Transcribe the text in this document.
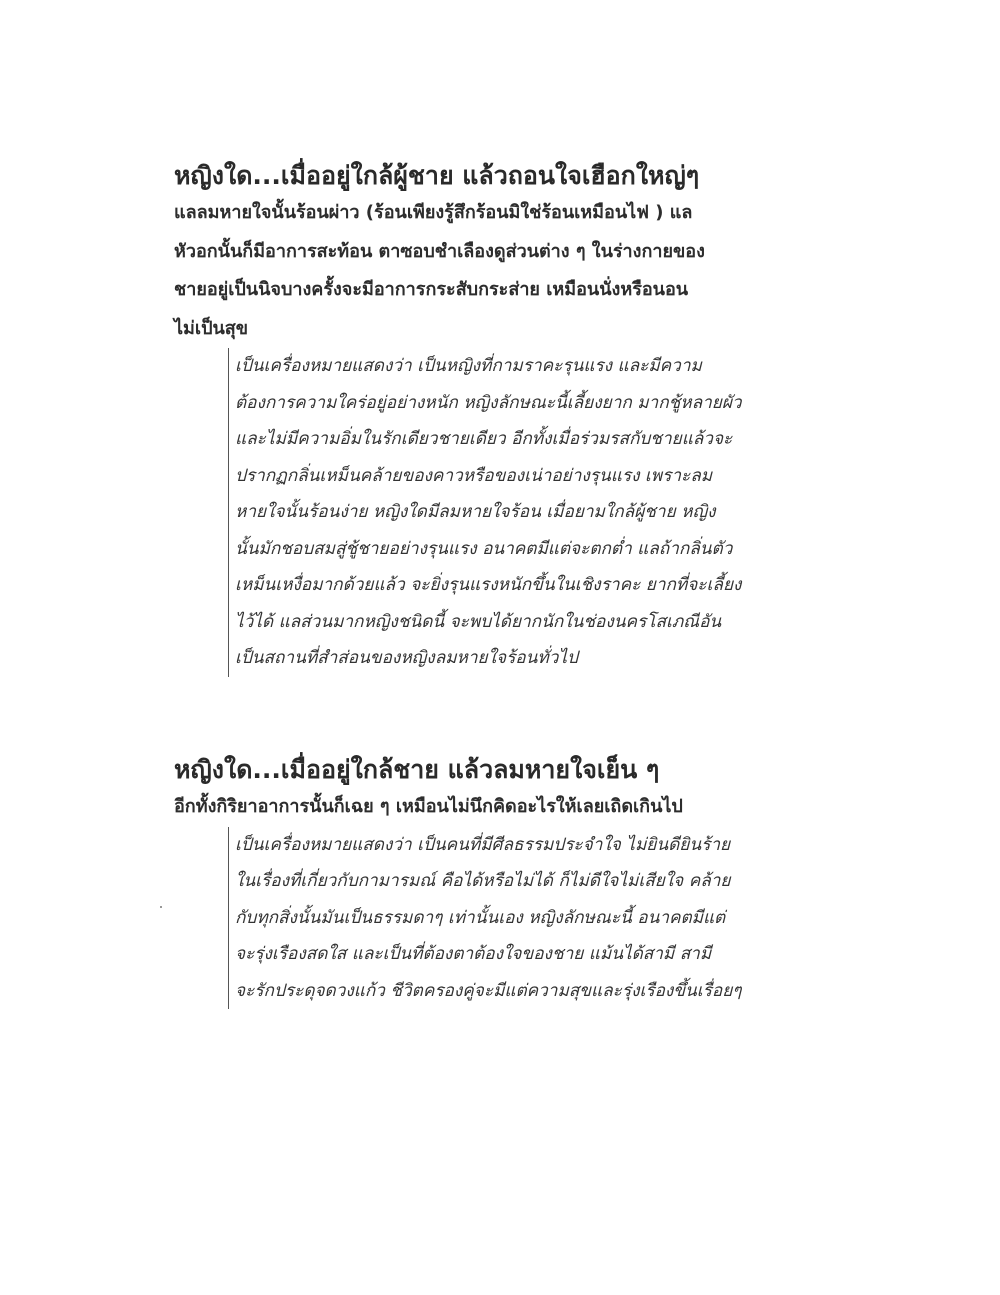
หญิงใด...เมื่ออยู่ใกล้ผู้ชาย แล้วถอนใจเฮือกใหญ่ๆ
แลลมหายใจนั้นร้อนผ่าว (ร้อนเพียงรู้สึกร้อนมิใช่ร้อนเหมือนไฟ ) แล
หัวอกนั้นก็มีอาการสะท้อน ตาซอบชำเลืองดูส่วนต่าง ๆ ในร่างกายของ
ชายอยู่เป็นนิจบางครั้งจะมีอาการกระสับกระส่าย เหมือนนั่งหรือนอน
ไม่เป็นสุข
เป็นเครื่องหมายแสดงว่า เป็นหญิงที่กามราคะรุนแรง และมีความ
ต้องการความใคร่อยู่อย่างหนัก หญิงลักษณะนี้เลี้ยงยาก มากชู้หลายผัว
และไม่มีความอิ่มในรักเดียวชายเดียว อีกทั้งเมื่อร่วมรสกับชายแล้วจะ
ปรากฏกลิ่นเหม็นคล้ายของคาวหรือของเน่าอย่างรุนแรง เพราะลม
หายใจนั้นร้อนง่าย หญิงใดมีลมหายใจร้อน เมื่อยามใกล้ผู้ชาย หญิง
นั้นมักชอบสมสู่ชู้ชายอย่างรุนแรง อนาคตมีแต่จะตกต่ำ แลถ้ากลิ่นตัว
เหม็นเหงื่อมากด้วยแล้ว จะยิ่งรุนแรงหนักขึ้นในเชิงราคะ ยากที่จะเลี้ยง
ไว้ได้ แลส่วนมากหญิงชนิดนี้ จะพบได้ยากนักในช่องนครโสเภณีอัน
เป็นสถานที่สำส่อนของหญิงลมหายใจร้อนทั่วไป
หญิงใด...เมื่ออยู่ใกล้ชาย แล้วลมหายใจเย็น ๆ
อีกทั้งกิริยาอาการนั้นก็เฉย ๆ เหมือนไม่นึกคิดอะไรให้เลยเถิดเกินไป
เป็นเครื่องหมายแสดงว่า เป็นคนที่มีศีลธรรมประจำใจ ไม่ยินดียินร้าย
ในเรื่องที่เกี่ยวกับกามารมณ์ คือได้หรือไม่ได้ ก็ไม่ดีใจไม่เสียใจ คล้าย
กับทุกสิ่งนั้นมันเป็นธรรมดาๆ เท่านั้นเอง หญิงลักษณะนี้ อนาคตมีแต่
จะรุ่งเรืองสดใส และเป็นที่ต้องตาต้องใจของชาย แม้นได้สามี สามี
จะรักประดุจดวงแก้ว ชีวิตครองคู่จะมีแต่ความสุขและรุ่งเรืองขึ้นเรื่อยๆ
